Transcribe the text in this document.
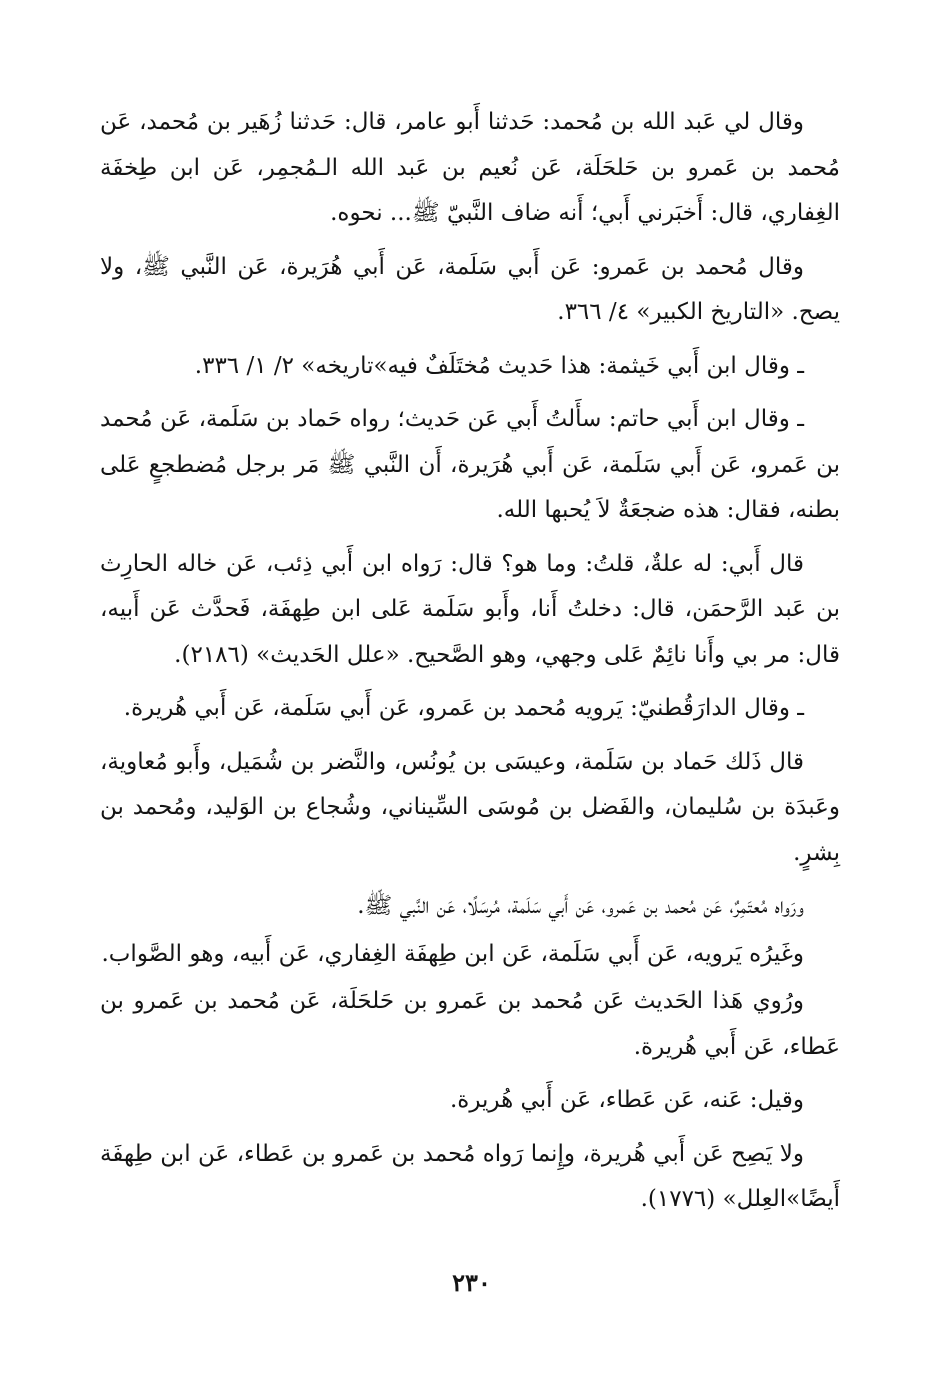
وقال لي عَبد الله بن مُحمد: حَدثنا أَبو عامر، قال: حَدثنا زُهَير بن مُحمد، عَن مُحمد بن عَمرو بن حَلحَلَة، عَن نُعيم بن عَبد الله الـمُجمِر، عَن ابن طِخفَة الغِفاري، قال: أَخبَرني أَبي؛ أَنه ضاف النَّبيّ ﷺ... نحوه.

وقال مُحمد بن عَمرو: عَن أَبي سَلَمة، عَن أَبي هُرَيرة، عَن النَّبي ﷺ، ولا يصح. «التاريخ الكبير» ٤/ ٣٦٦.

ـ وقال ابن أَبي خَيثمة: هذا حَديث مُختَلَفٌ فيه»تاريخه» ٢/ ١/ ٣٣٦.

ـ وقال ابن أَبي حاتم: سأَلتُ أَبي عَن حَديث؛ رواه حَماد بن سَلَمة، عَن مُحمد بن عَمرو، عَن أَبي سَلَمة، عَن أَبي هُرَيرة، أَن النَّبي ﷺ مَر برجل مُضطجعٍ عَلى بطنه، فقال: هذه ضجعَةٌ لاَ يُحبها الله.

قال أَبي: له علةٌ، قلتُ: وما هو؟ قال: رَواه ابن أَبي ذِئب، عَن خاله الحارِث بن عَبد الرَّحمَن، قال: دخلتُ أَنا، وأَبو سَلَمة عَلى ابن طِهفَة، فَحدَّث عَن أَبيه، قال: مر بي وأَنا نائِمٌ عَلى وجهي، وهو الصَّحيح. «علل الحَديث» (٢١٨٦).

ـ وقال الدارَقُطنيّ: يَرويه مُحمد بن عَمرو، عَن أَبي سَلَمة، عَن أَبي هُريرة.

قال ذَلك حَماد بن سَلَمة، وعيسَى بن يُونُس، والنَّضر بن شُمَيل، وأَبو مُعاوية، وعَبدَة بن سُليمان، والفَضل بن مُوسَى السِّيناني، وشُجاع بن الوَليد، ومُحمد بن بِشرٍ.

ورَواه مُعتَمِرٌ، عَن مُحمد بن عَمرو، عَن أَبي سَلَمة، مُرسَلًا، عَن النَّبي ﷺ.

وغَيرُه يَرويه، عَن أَبي سَلَمة، عَن ابن طِهفَة الغِفاري، عَن أَبيه، وهو الصَّواب.

ورُوي هَذا الحَديث عَن مُحمد بن عَمرو بن حَلحَلَة، عَن مُحمد بن عَمرو بن عَطاء، عَن أَبي هُريرة.

وقيل: عَنه، عَن عَطاء، عَن أَبي هُريرة.

ولا يَصِح عَن أَبي هُريرة، وإِنما رَواه مُحمد بن عَمرو بن عَطاء، عَن ابن طِهفَة أَيضًا»العِلل» (١٧٧٦).

٢٣٠
